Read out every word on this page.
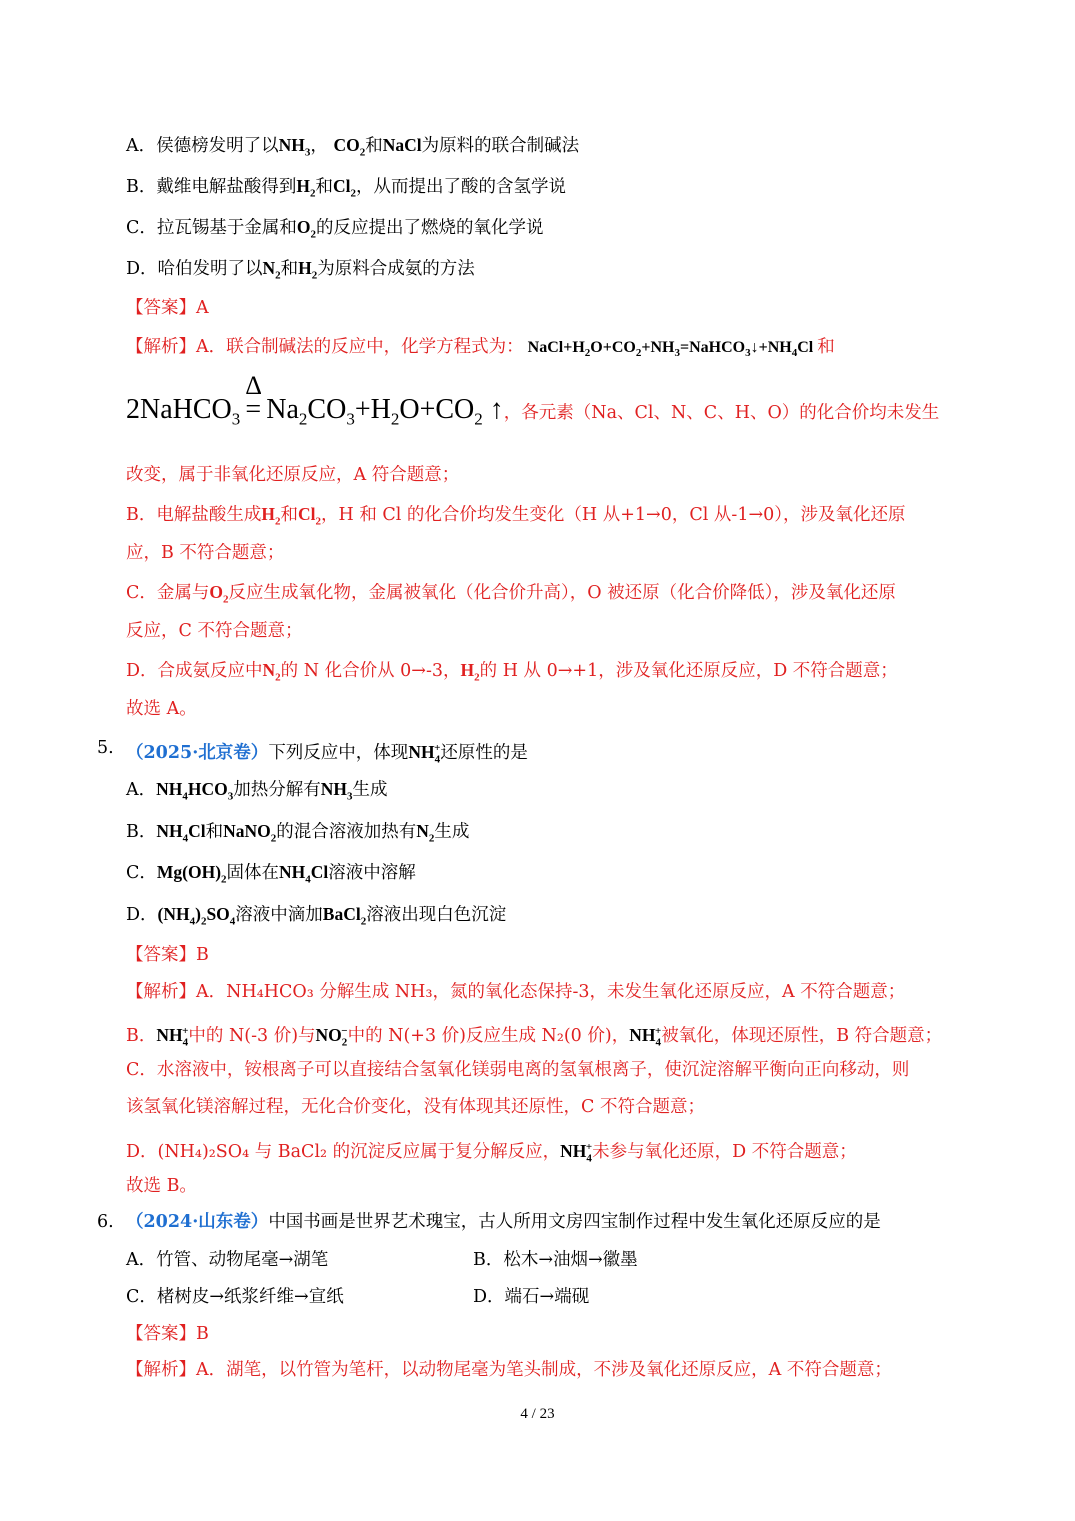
A．侯德榜发明了以$NH_3$， $CO_2$和NaCl为原料的联合制碱法
B．戴维电解盐酸得到$H_2$和$Cl_2$，从而提出了酸的含氢学说
C．拉瓦锡基于金属和$O_2$的反应提出了燃烧的氧化学说
D．哈伯发明了以$N_2$和$H_2$为原料合成氨的方法
【答案】A
【解析】A．联合制碱法的反应中，化学方程式为： $NaCl+H_2O+CO_2+NH_3=NaHCO_3↓+NH_4Cl$ 和
2NaHCO$_3$
Δ
= $Na_2CO_3+H_2O+CO_2$ ↑，各元素（Na、Cl、N、C、H、O）的化合价均未发生
改变，属于非氧化还原反应，A 符合题意；
B．电解盐酸生成$H_2$和$Cl_2$，H 和 Cl 的化合价均发生变化（H 从+1→0，Cl 从-1→0），涉及氧化还原
应，B 不符合题意；
C．金属与$O_2$反应生成氧化物，金属被氧化（化合价升高），O 被还原（化合价降低），涉及氧化还原
反应，C 不符合题意；
D．合成氨反应中$N_2$的 N 化合价从 0→-3，$H_2$的 H 从 0→+1，涉及氧化还原反应，D 不符合题意；
故选 A。
5. （2025·北京卷）下列反应中，体现$NH_4^+$还原性的是
A．$NH_4HCO_3$加热分解有$NH_3$生成
B．$NH_4Cl$和NaNO$_2$的混合溶液加热有$N_2$生成
C．$Mg(OH)_2$固体在$NH_4Cl$溶液中溶解
D．$(NH_4)_2SO_4$溶液中滴加BaCl$_2$溶液出现白色沉淀
【答案】B
【解析】A．NH₄HCO₃ 分解生成 NH₃，氮的氧化态保持-3，未发生氧化还原反应，A 不符合题意；
B．$NH_4^+$中的 N(-3 价)与$NO_2^-$中的 N(+3 价)反应生成 N₂(0 价)，$NH_4^+$被氧化，体现还原性，B 符合题意；
C．水溶液中，铵根离子可以直接结合氢氧化镁弱电离的氢氧根离子，使沉淀溶解平衡向正向移动，则
该氢氧化镁溶解过程，无化合价变化，没有体现其还原性，C 不符合题意；
D．(NH₄)₂SO₄ 与 BaCl₂ 的沉淀反应属于复分解反应，$NH_4^+$未参与氧化还原，D 不符合题意；
故选 B。
6. （2024·山东卷）中国书画是世界艺术瑰宝，古人所用文房四宝制作过程中发生氧化还原反应的是
A．竹管、动物尾毫→湖笔	B．松木→油烟→徽墨
C．楮树皮→纸浆纤维→宣纸	D．端石→端砚
【答案】B
【解析】A．湖笔，以竹管为笔杆，以动物尾毫为笔头制成，不涉及氧化还原反应，A 不符合题意；
4 / 23
